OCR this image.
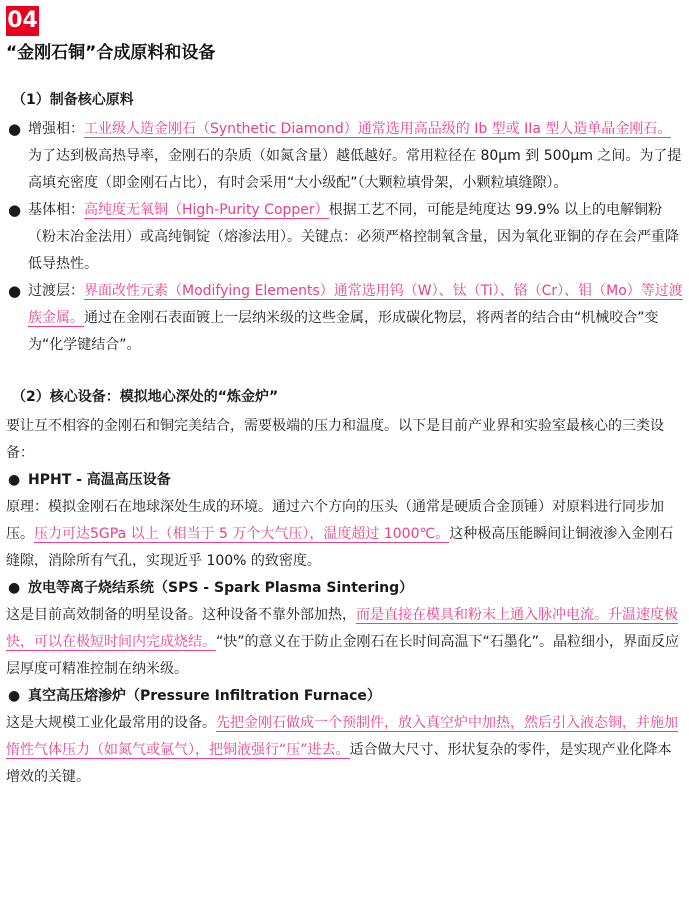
04
“金刚石铜”合成原料和设备
（1）制备核心原料
● 增强相：工业级人造金刚石（Synthetic Diamond）通常选用高品级的 Ib 型或 IIa 型人造单晶金刚石。为了达到极高热导率，金刚石的杂质（如氮含量）越低越好。常用粒径在 80μm 到 500μm 之间。为了提高填充密度（即金刚石占比），有时会采用“大小级配”（大颗粒填骨架，小颗粒填缝隙）。
● 基体相：高纯度无氧铜（High-Purity Copper）根据工艺不同，可能是纯度达 99.9% 以上的电解铜粉（粉末冶金法用）或高纯铜锭（熔渗法用）。关键点：必须严格控制氧含量，因为氧化亚铜的存在会严重降低导热性。
● 过渡层：界面改性元素（Modifying Elements）通常选用钨（W）、钛（Ti）、铬（Cr）、钼（Mo）等过渡族金属。通过在金刚石表面镀上一层纳米级的这些金属，形成碳化物层，将两者的结合由“机械咬合”变为“化学键结合”。
（2）核心设备：模拟地心深处的“炼金炉”

要让互不相容的金刚石和铜完美结合，需要极端的压力和温度。以下是目前产业界和实验室最核心的三类设备：

● HPHT - 高温高压设备

原理：模拟金刚石在地球深处生成的环境。通过六个方向的压头（通常是硬质合金顶锤）对原料进行同步加压。压力可达5GPa 以上（相当于 5 万个大气压），温度超过 1000℃。这种极高压能瞬间让铜液渗入金刚石缝隙，消除所有气孔，实现近乎 100% 的致密度。

● 放电等离子烧结系统（SPS - Spark Plasma Sintering）

这是目前高效制备的明星设备。这种设备不靠外部加热，而是直接在模具和粉末上通入脉冲电流。升温速度极快，可以在极短时间内完成烧结。“快”的意义在于防止金刚石在长时间高温下“石墨化”。晶粒细小，界面反应层厚度可精准控制在纳米级。

● 真空高压熔渗炉（Pressure Infiltration Furnace）

这是大规模工业化最常用的设备。先把金刚石做成一个预制件，放入真空炉中加热，然后引入液态铜，并施加惰性气体压力（如氮气或氩气），把铜液强行“压”进去。适合做大尺寸、形状复杂的零件，是实现产业化降本增效的关键。
